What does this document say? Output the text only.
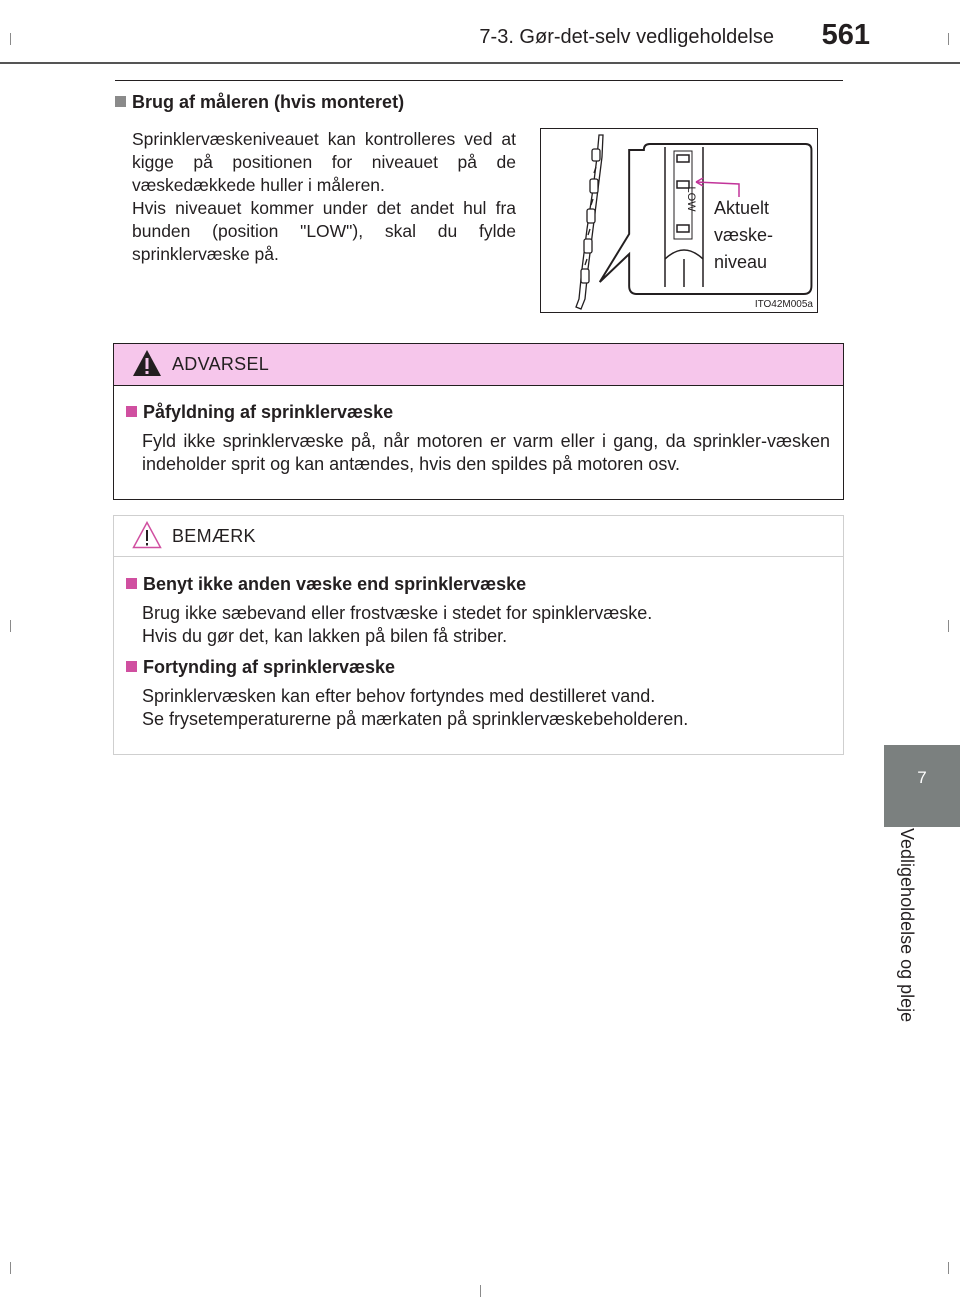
7-3. Gør-det-selv vedligeholdelse 561
7
Vedligeholdelse og pleje
Brug af måleren (hvis monteret)

Sprinklervæskeniveauet kan kontrolleres ved at kigge på positionen for niveauet på de væskedækkede huller i måleren.

Hvis niveauet kommer under det andet hul fra bunden (position "LOW"), skal du fylde sprinklervæske på.

LOW Aktuelt
væske-
niveau
ITO42M005a
ADVARSEL
Påfyldning af sprinklervæske
Fyld ikke sprinklervæske på, når motoren er varm eller i gang, da sprinkler-væsken indeholder sprit og kan antændes, hvis den spildes på motoren osv.
BEMÆRK
Benyt ikke anden væske end sprinklervæske
Brug ikke sæbevand eller frostvæske i stedet for spinklervæske.
Hvis du gør det, kan lakken på bilen få striber.
Fortynding af sprinklervæske
Sprinklervæsken kan efter behov fortyndes med destilleret vand.
Se frysetemperaturerne på mærkaten på sprinklervæskebeholderen.
